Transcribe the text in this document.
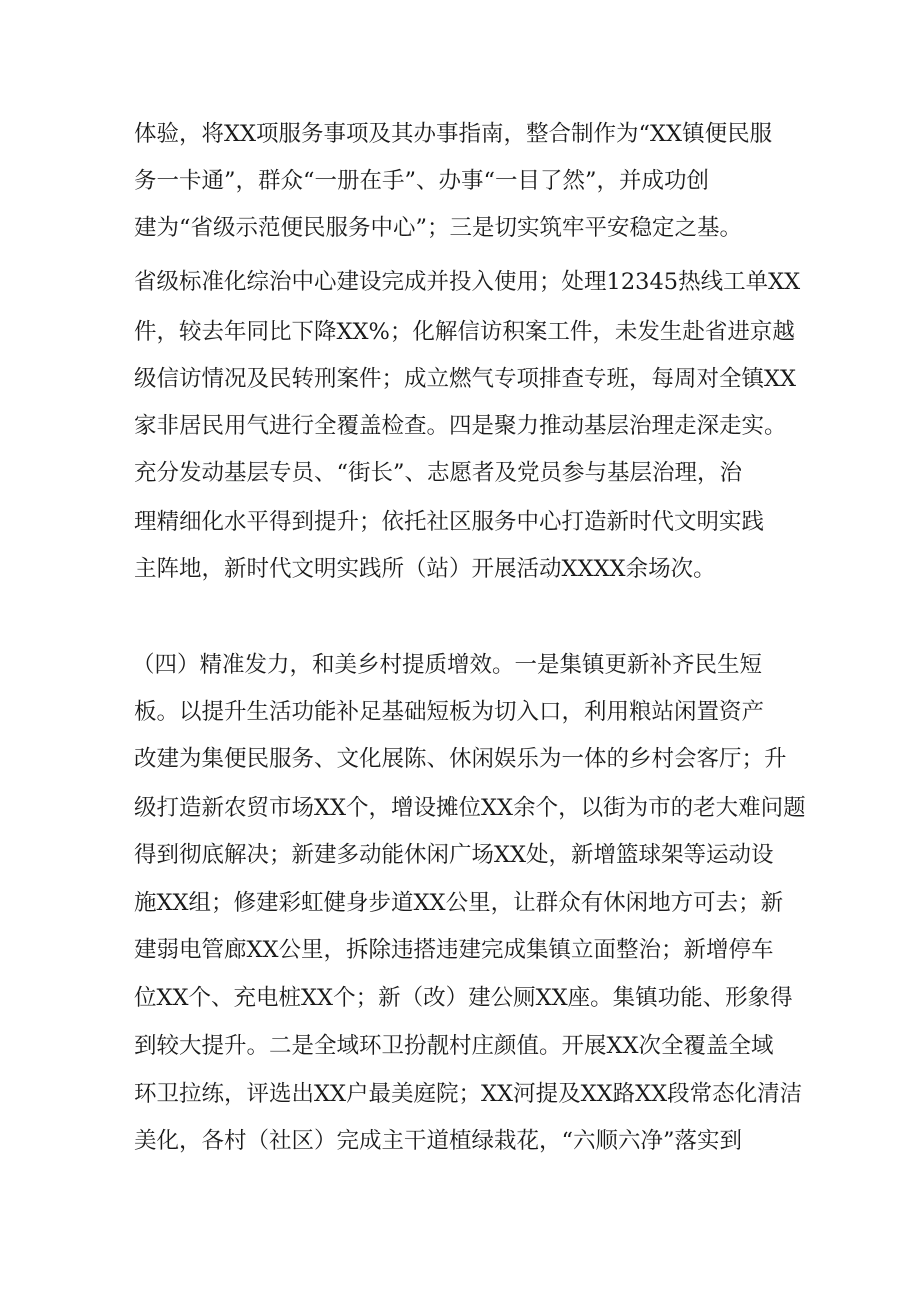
体验，将XX项服务事项及其办事指南，整合制作为“XX镇便民服
务一卡通”，群众“一册在手”、办事“一目了然”，并成功创
建为“省级示范便民服务中心”；三是切实筑牢平安稳定之基。
省级标准化综治中心建设完成并投入使用；处理12345热线工单XX
件，较去年同比下降XX%；化解信访积案工件，未发生赴省进京越
级信访情况及民转刑案件；成立燃气专项排查专班，每周对全镇XX
家非居民用气进行全覆盖检查。四是聚力推动基层治理走深走实。
充分发动基层专员、“街长”、志愿者及党员参与基层治理，治
理精细化水平得到提升；依托社区服务中心打造新时代文明实践
主阵地，新时代文明实践所（站）开展活动XXXX余场次。
（四）精准发力，和美乡村提质增效。一是集镇更新补齐民生短
板。以提升生活功能补足基础短板为切入口，利用粮站闲置资产
改建为集便民服务、文化展陈、休闲娱乐为一体的乡村会客厅；升
级打造新农贸市场XX个，增设摊位XX余个，以街为市的老大难问题
得到彻底解决；新建多动能休闲广场XX处，新增篮球架等运动设
施XX组；修建彩虹健身步道XX公里，让群众有休闲地方可去；新
建弱电管廊XX公里，拆除违搭违建完成集镇立面整治；新增停车
位XX个、充电桩XX个；新（改）建公厕XX座。集镇功能、形象得
到较大提升。二是全域环卫扮靓村庄颜值。开展XX次全覆盖全域
环卫拉练，评选出XX户最美庭院；XX河提及XX路XX段常态化清洁
美化，各村（社区）完成主干道植绿栽花，“六顺六净”落实到
